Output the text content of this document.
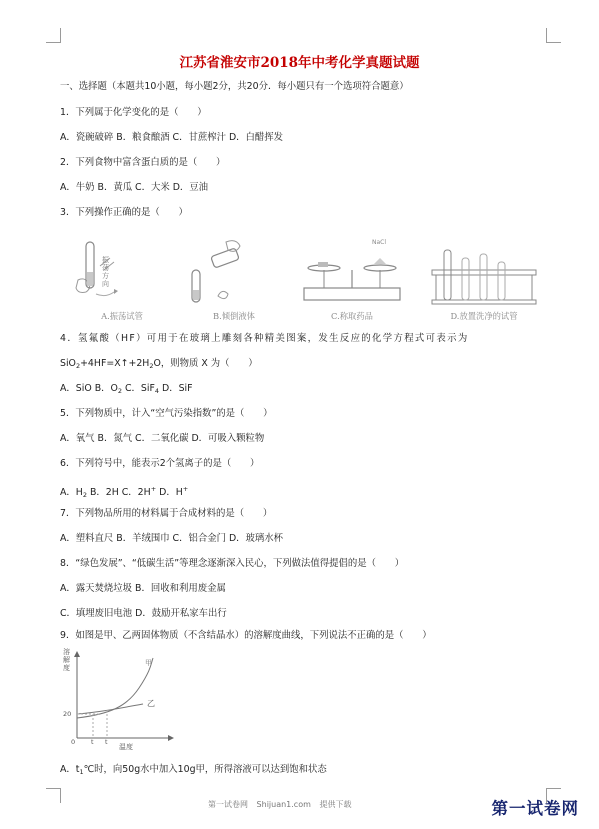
江苏省淮安市2018年中考化学真题试题
一、选择题（本题共10小题，每小题2分，共20分．每小题只有一个选项符合题意）
1．下列属于化学变化的是（　　）
A．瓷碗破碎 B．粮食酿酒 C．甘蔗榨汁 D．白醋挥发
2．下列食物中富含蛋白质的是（　　）
A．牛奶 B．黄瓜 C．大米 D．豆油
3．下列操作正确的是（　　）
振荡方向
A.振荡试管	B.倾倒液体
NaCl
C.称取药品	D.放置洗净的试管
4．氢氟酸（HF）可用于在玻璃上雕刻各种精美图案，发生反应的化学方程式可表示为
$SiO_2+4HF=X↑+2H_2O$，则物质 X 为（　　）
A．SiO B．$O_2$ C．SiF$_4$ D．SiF
5．下列物质中，计入“空气污染指数”的是（　　）
A．氧气 B．氮气 C．二氧化碳 D．可吸入颗粒物
6．下列符号中，能表示2个氢离子的是（　　）
A．$H_2$ B．2H C．2H+ D．H+
7．下列物品所用的材料属于合成材料的是（　　）
A．塑料直尺 B．羊绒围巾 C．铝合金门 D．玻璃水杯
8．“绿色发展”、“低碳生活”等理念逐渐深入民心，下列做法值得提倡的是（　　）
A．露天焚烧垃圾 B．回收和利用废金属
C．填埋废旧电池 D．鼓励开私家车出行
9．如图是甲、乙两固体物质（不含结晶水）的溶解度曲线，下列说法不正确的是（　　）
溶解度
温度
甲
乙
0
20
t t
A．$t_1℃$时，向50g水中加入10g甲，所得溶液可以达到饱和状态
第一试卷网 Shijuan1.com 提供下载	第一试卷网
